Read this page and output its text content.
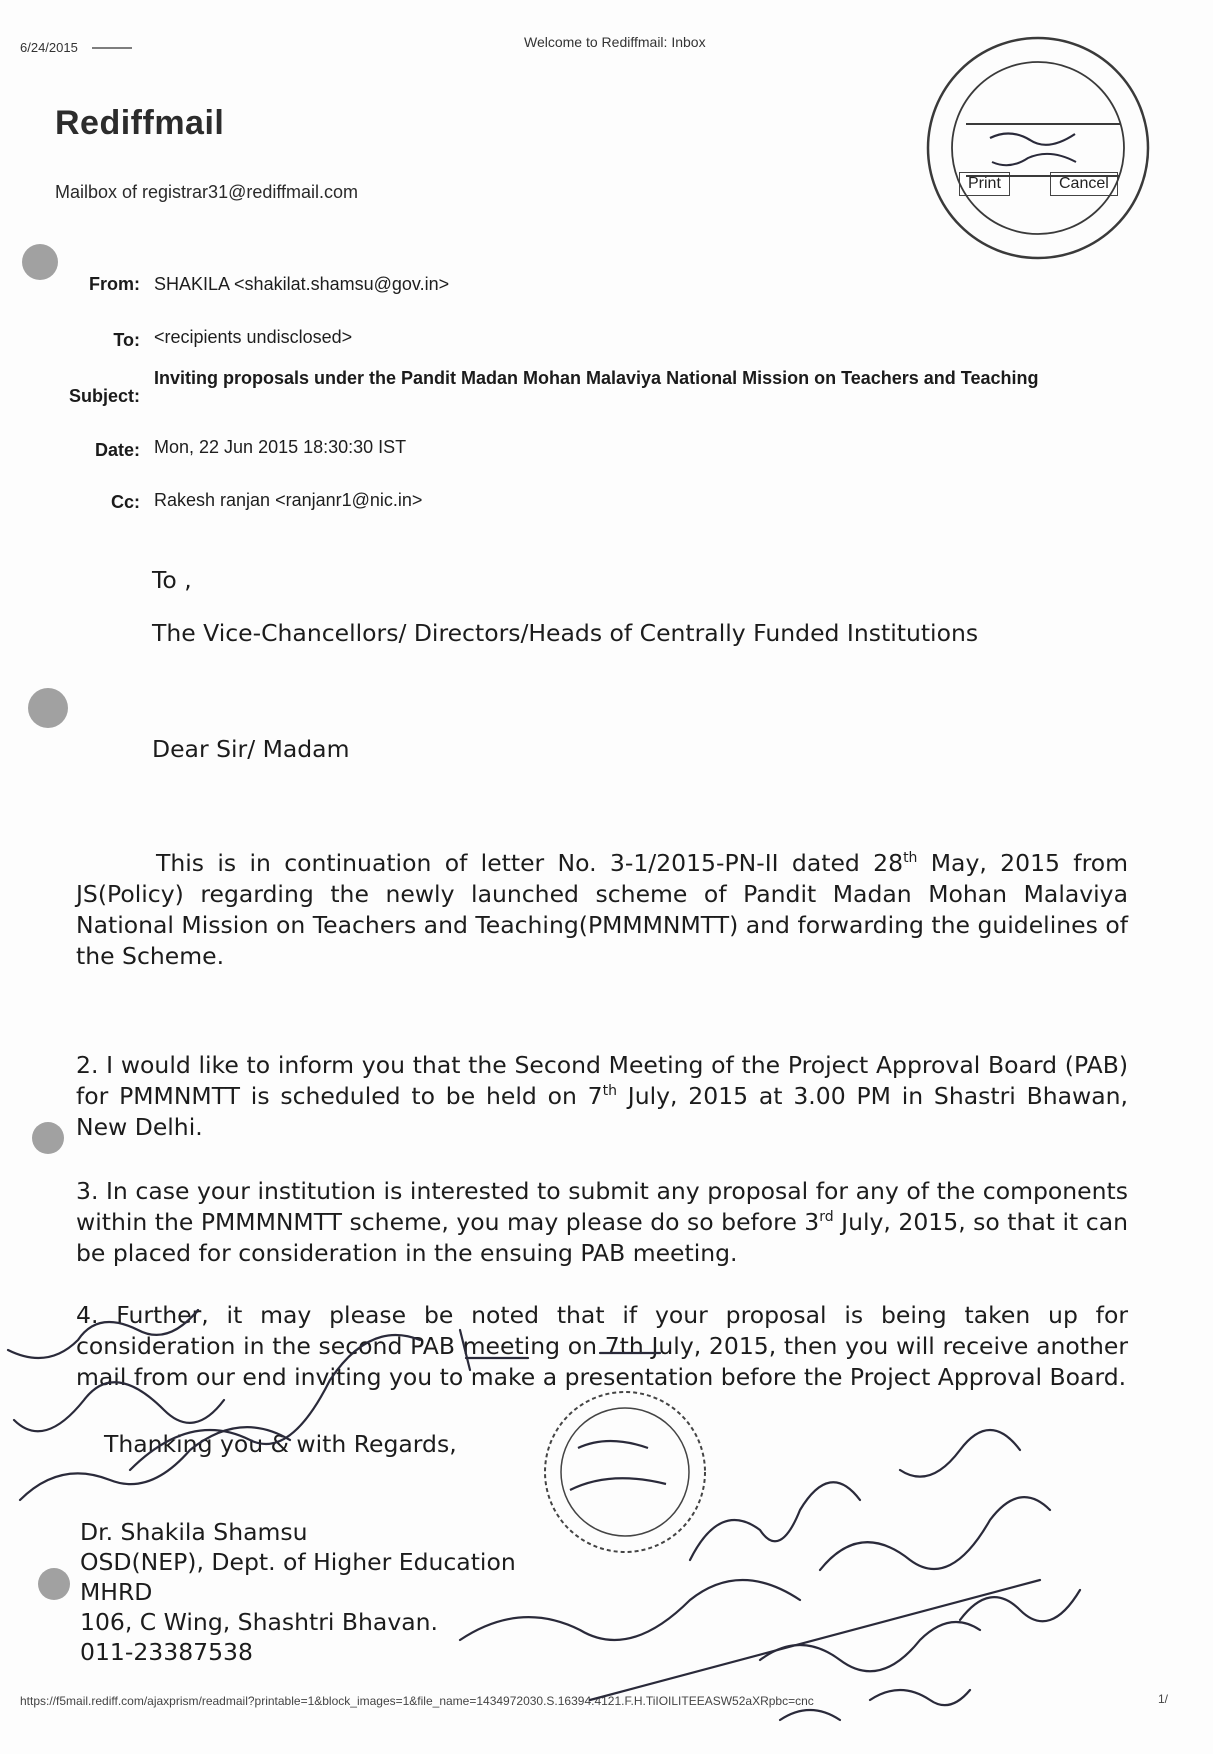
6/24/2015	Welcome to Rediffmail: Inbox
Rediffmail
Mailbox of registrar31@rediffmail.com
From: SHAKILA <shakilat.shamsu@gov.in>
To: <recipients undisclosed>
Subject:
Inviting proposals under the Pandit Madan Mohan Malaviya National Mission on Teachers and Teaching
Date: Mon, 22 Jun 2015 18:30:30 IST
Cc: Rakesh ranjan <ranjanr1@nic.in>
Print	Cancel
To ,
The Vice-Chancellors/ Directors/Heads of Centrally Funded Institutions
Dear Sir/ Madam
This is in continuation of letter No. 3-1/2015-PN-II dated 28th May, 2015 from JS(Policy) regarding the newly launched scheme of Pandit Madan Mohan Malaviya National Mission on Teachers and Teaching(PMMMNMTT) and forwarding the guidelines of the Scheme.
2. I would like to inform you that the Second Meeting of the Project Approval Board (PAB) for PMMNMTT is scheduled to be held on 7th July, 2015 at 3.00 PM in Shastri Bhawan, New Delhi.
3. In case your institution is interested to submit any proposal for any of the components within the PMMMNMTT scheme, you may please do so before 3rd July, 2015, so that it can be placed for consideration in the ensuing PAB meeting.
4. Further, it may please be noted that if your proposal is being taken up for consideration in the second PAB meeting on 7th July, 2015, then you will receive another mail from our end inviting you to make a presentation before the Project Approval Board.
Thanking you & with Regards,
Dr. Shakila Shamsu
OSD(NEP), Dept. of Higher Education
MHRD
106, C Wing, Shashtri Bhavan.
011-23387538
https://f5mail.rediff.com/ajaxprism/readmail?printable=1&block_images=1&file_name=1434972030.S.16394.4121.F.H.TiIOILITEEASW52aXRpbc=cnc	1/
